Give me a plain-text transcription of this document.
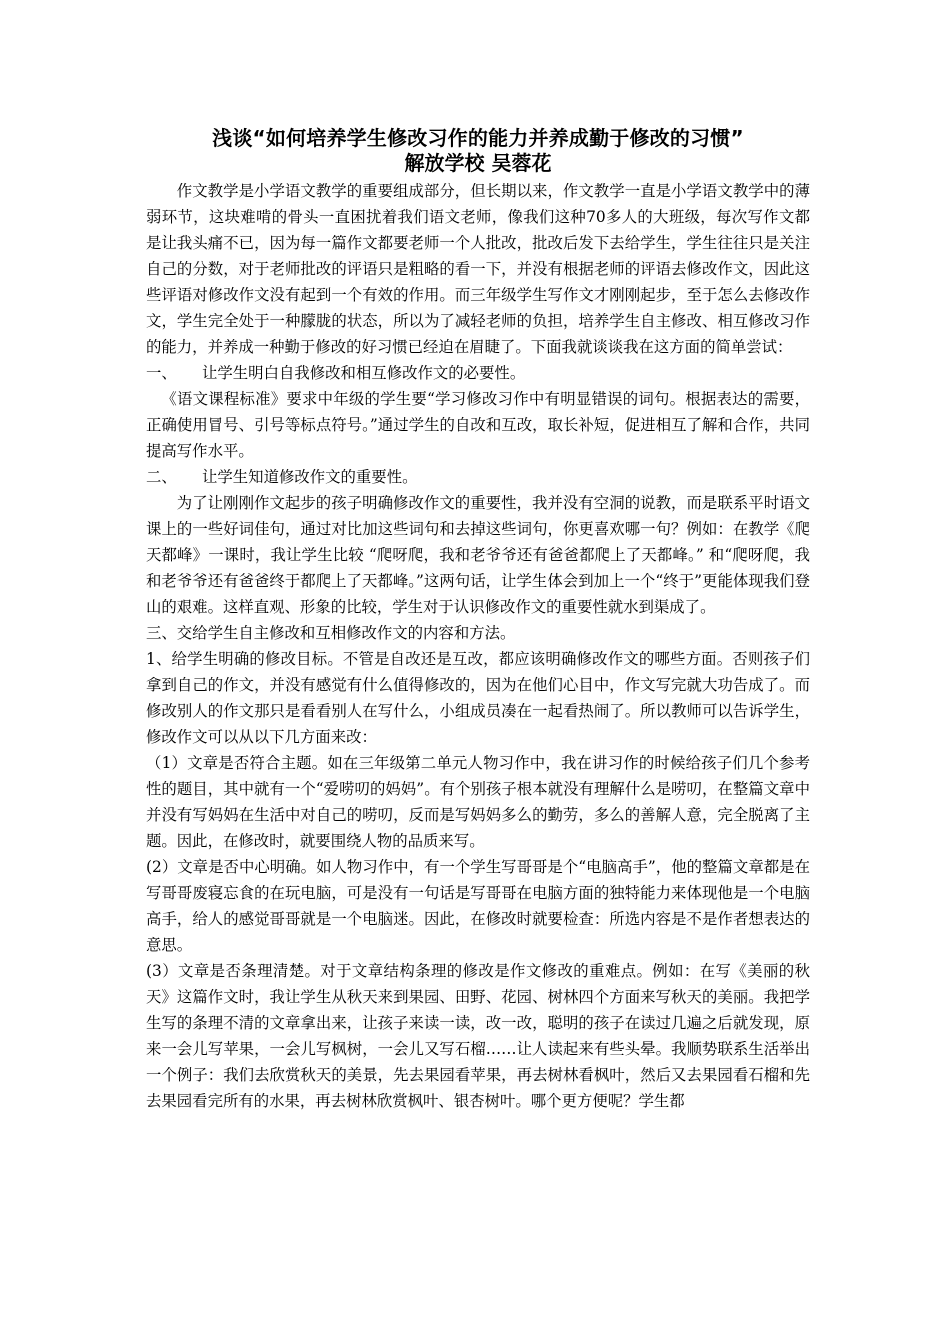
浅谈“如何培养学生修改习作的能力并养成勤于修改的习惯”

解放学校 吴蓉花

作文教学是小学语文教学的重要组成部分，但长期以来，作文教学一直是小学语文教学中的薄弱环节，这块难啃的骨头一直困扰着我们语文老师，像我们这种70多人的大班级，每次写作文都是让我头痛不已，因为每一篇作文都要老师一个人批改，批改后发下去给学生，学生往往只是关注自己的分数，对于老师批改的评语只是粗略的看一下，并没有根据老师的评语去修改作文，因此这些评语对修改作文没有起到一个有效的作用。而三年级学生写作文才刚刚起步，至于怎么去修改作文，学生完全处于一种朦胧的状态，所以为了减轻老师的负担，培养学生自主修改、相互修改习作的能力，并养成一种勤于修改的好习惯已经迫在眉睫了。下面我就谈谈我在这方面的简单尝试：

一、 让学生明白自我修改和相互修改作文的必要性。

《语文课程标准》要求中年级的学生要“学习修改习作中有明显错误的词句。根据表达的需要，正确使用冒号、引号等标点符号。”通过学生的自改和互改，取长补短，促进相互了解和合作，共同提高写作水平。

二、 让学生知道修改作文的重要性。

为了让刚刚作文起步的孩子明确修改作文的重要性，我并没有空洞的说教，而是联系平时语文课上的一些好词佳句，通过对比加这些词句和去掉这些词句，你更喜欢哪一句？例如：在教学《爬天都峰》一课时，我让学生比较 “爬呀爬，我和老爷爷还有爸爸都爬上了天都峰。” 和“爬呀爬，我和老爷爷还有爸爸终于都爬上了天都峰。”这两句话，让学生体会到加上一个“终于”更能体现我们登山的艰难。这样直观、形象的比较，学生对于认识修改作文的重要性就水到渠成了。

三、交给学生自主修改和互相修改作文的内容和方法。

1、给学生明确的修改目标。不管是自改还是互改，都应该明确修改作文的哪些方面。否则孩子们拿到自己的作文，并没有感觉有什么值得修改的，因为在他们心目中，作文写完就大功告成了。而修改别人的作文那只是看看别人在写什么，小组成员凑在一起看热闹了。所以教师可以告诉学生，修改作文可以从以下几方面来改：

（1）文章是否符合主题。如在三年级第二单元人物习作中，我在讲习作的时候给孩子们几个参考性的题目，其中就有一个“爱唠叨的妈妈”。有个别孩子根本就没有理解什么是唠叨，在整篇文章中并没有写妈妈在生活中对自己的唠叨，反而是写妈妈多么的勤劳，多么的善解人意，完全脱离了主题。因此，在修改时，就要围绕人物的品质来写。

(2）文章是否中心明确。如人物习作中，有一个学生写哥哥是个“电脑高手”，他的整篇文章都是在写哥哥废寝忘食的在玩电脑，可是没有一句话是写哥哥在电脑方面的独特能力来体现他是一个电脑高手，给人的感觉哥哥就是一个电脑迷。因此，在修改时就要检查：所选内容是不是作者想表达的意思。

(3）文章是否条理清楚。对于文章结构条理的修改是作文修改的重难点。例如：在写《美丽的秋天》这篇作文时，我让学生从秋天来到果园、田野、花园、树林四个方面来写秋天的美丽。我把学生写的条理不清的文章拿出来，让孩子来读一读，改一改，聪明的孩子在读过几遍之后就发现，原来一会儿写苹果，一会儿写枫树，一会儿又写石榴……让人读起来有些头晕。我顺势联系生活举出一个例子：我们去欣赏秋天的美景，先去果园看苹果，再去树林看枫叶，然后又去果园看石榴和先去果园看完所有的水果，再去树林欣赏枫叶、银杏树叶。哪个更方便呢？学生都
